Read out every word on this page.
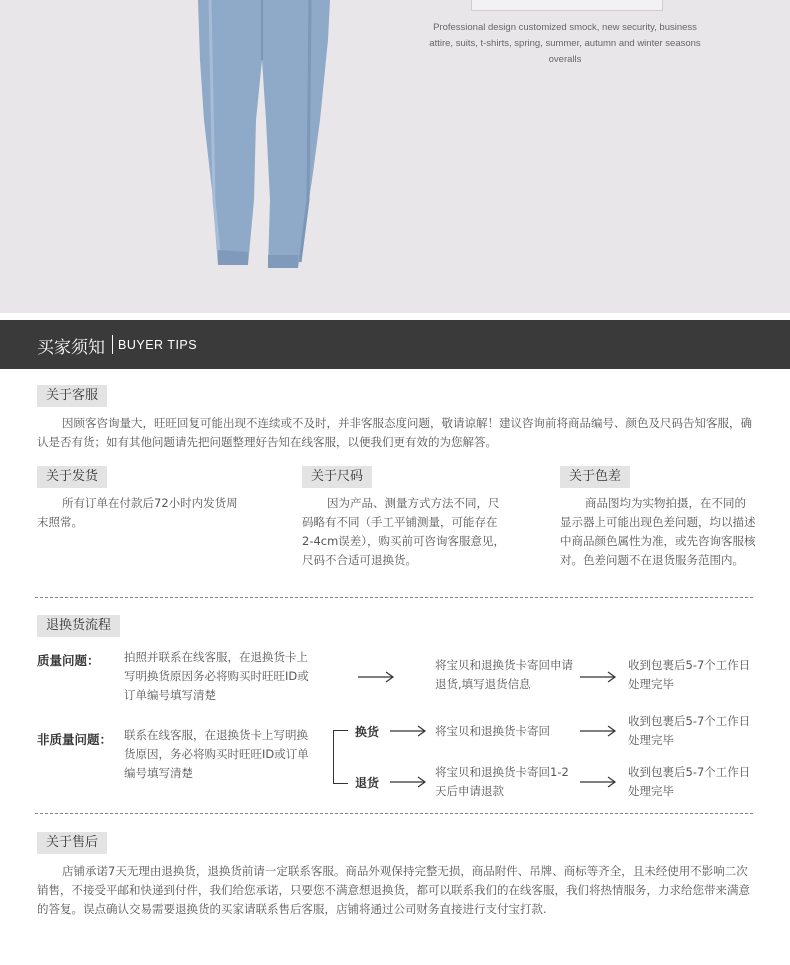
Professional design customized smock, new security, business attire, suits, t-shirts, spring, summer, autumn and winter seasons overalls
买家须知 BUYER TIPS
关于客服
因顾客咨询量大，旺旺回复可能出现不连续或不及时，并非客服态度问题，敬请谅解！建议咨询前将商品编号、颜色及尺码告知客服，确认是否有货；如有其他问题请先把问题整理好告知在线客服，以便我们更有效的为您解答。
关于发货
所有订单在付款后72小时内发货周末照常。
关于尺码
因为产品、测量方式方法不同，尺码略有不同（手工平铺测量，可能存在2-4cm误差），购买前可咨询客服意见，尺码不合适可退换货。
关于色差
商品图均为实物拍摄，在不同的显示器上可能出现色差问题，均以描述中商品颜色属性为准，或先咨询客服核对。色差问题不在退货服务范围内。
退换货流程
质量问题： 拍照并联系在线客服，在退换货卡上写明换货原因务必将购买时旺旺ID或订单编号填写清楚
将宝贝和退换货卡寄回申请退货,填写退货信息
收到包裹后5-7个工作日处理完毕
非质量问题： 联系在线客服，在退换货卡上写明换货原因，务必将购买时旺旺ID或订单编号填写清楚
换货	将宝贝和退换货卡寄回
收到包裹后5-7个工作日处理完毕
退货
将宝贝和退换货卡寄回1-2天后申请退款
收到包裹后5-7个工作日处理完毕
关于售后
店铺承诺7天无理由退换货，退换货前请一定联系客服。商品外观保持完整无损，商品附件、吊牌、商标等齐全，且未经使用不影响二次销售，不接受平邮和快递到付件，我们给您承诺，只要您不满意想退换货，都可以联系我们的在线客服，我们将热情服务，力求给您带来满意的答复。误点确认交易需要退换货的买家请联系售后客服，店铺将通过公司财务直接进行支付宝打款.
